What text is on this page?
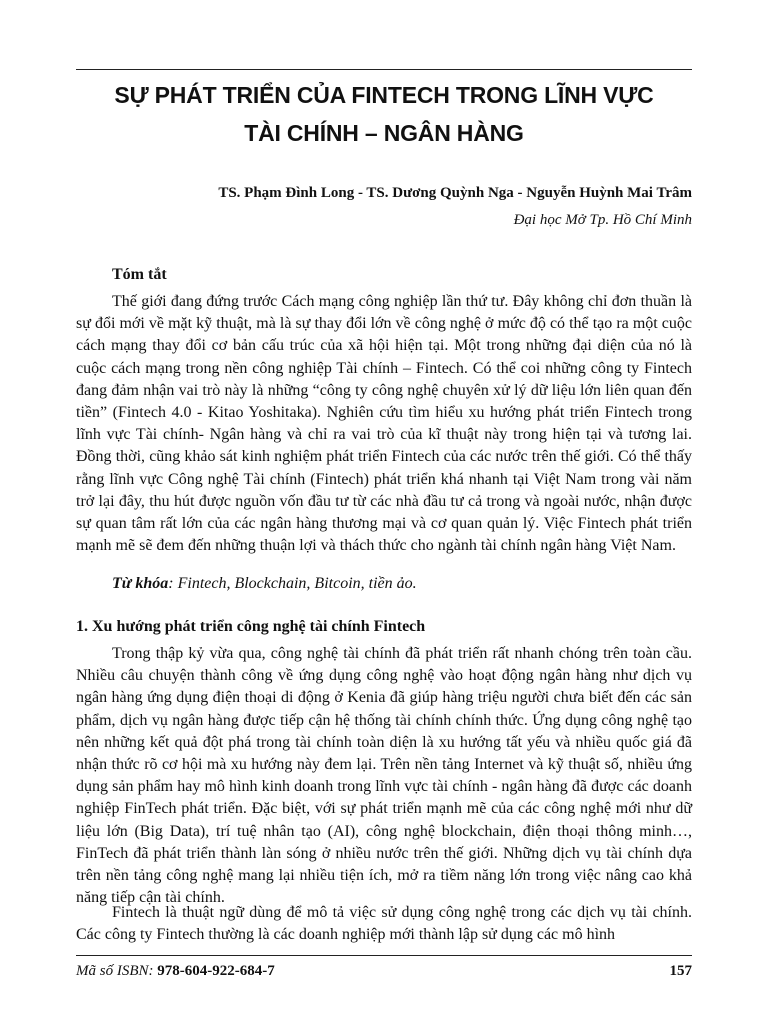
SỰ PHÁT TRIỂN CỦA FINTECH TRONG LĨNH VỰC
TÀI CHÍNH – NGÂN HÀNG
TS. Phạm Đình Long - TS. Dương Quỳnh Nga - Nguyễn Huỳnh Mai Trâm
Đại học Mở Tp. Hồ Chí Minh
Tóm tắt

Thế giới đang đứng trước Cách mạng công nghiệp lần thứ tư. Đây không chỉ đơn thuần là sự đổi mới về mặt kỹ thuật, mà là sự thay đổi lớn về công nghệ ở mức độ có thể tạo ra một cuộc cách mạng thay đổi cơ bản cấu trúc của xã hội hiện tại. Một trong những đại diện của nó là cuộc cách mạng trong nền công nghiệp Tài chính – Fintech. Có thể coi những công ty Fintech đang đảm nhận vai trò này là những “công ty công nghệ chuyên xử lý dữ liệu lớn liên quan đến tiền” (Fintech 4.0 - Kitao Yoshitaka). Nghiên cứu tìm hiểu xu hướng phát triển Fintech trong lĩnh vực Tài chính- Ngân hàng và chỉ ra vai trò của kĩ thuật này trong hiện tại và tương lai. Đồng thời, cũng khảo sát kinh nghiệm phát triển Fintech của các nước trên thế giới. Có thể thấy rằng lĩnh vực Công nghệ Tài chính (Fintech) phát triển khá nhanh tại Việt Nam trong vài năm trở lại đây, thu hút được nguồn vốn đầu tư từ các nhà đầu tư cả trong và ngoài nước, nhận được sự quan tâm rất lớn của các ngân hàng thương mại và cơ quan quản lý. Việc Fintech phát triển mạnh mẽ sẽ đem đến những thuận lợi và thách thức cho ngành tài chính ngân hàng Việt Nam.

Từ khóa: Fintech, Blockchain, Bitcoin, tiền ảo.
1. Xu hướng phát triển công nghệ tài chính Fintech

Trong thập kỷ vừa qua, công nghệ tài chính đã phát triển rất nhanh chóng trên toàn cầu. Nhiều câu chuyện thành công về ứng dụng công nghệ vào hoạt động ngân hàng như dịch vụ ngân hàng ứng dụng điện thoại di động ở Kenia đã giúp hàng triệu người chưa biết đến các sản phẩm, dịch vụ ngân hàng được tiếp cận hệ thống tài chính chính thức. Ứng dụng công nghệ tạo nên những kết quả đột phá trong tài chính toàn diện là xu hướng tất yếu và nhiều quốc giá đã nhận thức rõ cơ hội mà xu hướng này đem lại. Trên nền tảng Internet và kỹ thuật số, nhiều ứng dụng sản phẩm hay mô hình kinh doanh trong lĩnh vực tài chính - ngân hàng đã được các doanh nghiệp FinTech phát triển. Đặc biệt, với sự phát triển mạnh mẽ của các công nghệ mới như dữ liệu lớn (Big Data), trí tuệ nhân tạo (AI), công nghệ blockchain, điện thoại thông minh…, FinTech đã phát triển thành làn sóng ở nhiều nước trên thế giới. Những dịch vụ tài chính dựa trên nền tảng công nghệ mang lại nhiều tiện ích, mở ra tiềm năng lớn trong việc nâng cao khả năng tiếp cận tài chính.

Fintech là thuật ngữ dùng để mô tả việc sử dụng công nghệ trong các dịch vụ tài chính. Các công ty Fintech thường là các doanh nghiệp mới thành lập sử dụng các mô hình

Mã số ISBN: 978-604-922-684-7	157
